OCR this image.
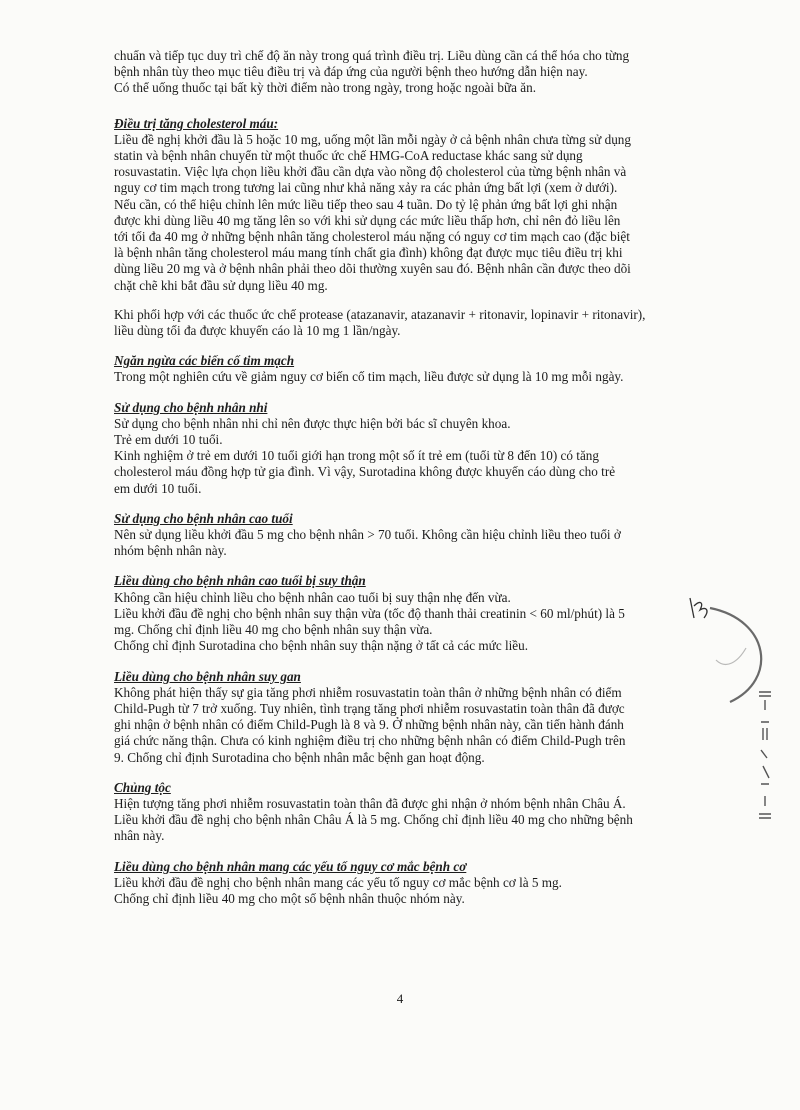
chuẩn và tiếp tục duy trì chế độ ăn này trong quá trình điều trị. Liều dùng cần cá thể hóa cho từng
bệnh nhân tùy theo mục tiêu điều trị và đáp ứng của người bệnh theo hướng dẫn hiện nay.
Có thể uống thuốc tại bất kỳ thời điểm nào trong ngày, trong hoặc ngoài bữa ăn.

Điều trị tăng cholesterol máu:

Liều đề nghị khởi đầu là 5 hoặc 10 mg, uống một lần mỗi ngày ở cả bệnh nhân chưa từng sử dụng
statin và bệnh nhân chuyển từ một thuốc ức chế HMG-CoA reductase khác sang sử dụng
rosuvastatin. Việc lựa chọn liều khởi đầu cần dựa vào nồng độ cholesterol của từng bệnh nhân và
nguy cơ tim mạch trong tương lai cũng như khả năng xảy ra các phản ứng bất lợi (xem ở dưới).
Nếu cần, có thể hiệu chỉnh lên mức liều tiếp theo sau 4 tuần. Do tỷ lệ phản ứng bất lợi ghi nhận
được khi dùng liều 40 mg tăng lên so với khi sử dụng các mức liều thấp hơn, chỉ nên đỏ liều lên
tới tối đa 40 mg ở những bệnh nhân tăng cholesterol máu nặng có nguy cơ tim mạch cao (đặc biệt
là bệnh nhân tăng cholesterol máu mang tính chất gia đình) không đạt được mục tiêu điều trị khi
dùng liều 20 mg và ở bệnh nhân phải theo dõi thường xuyên sau đó. Bệnh nhân cần được theo dõi
chặt chẽ khi bắt đầu sử dụng liều 40 mg.

Khi phối hợp với các thuốc ức chế protease (atazanavir, atazanavir + ritonavir, lopinavir + ritonavir),
liều dùng tối đa được khuyến cáo là 10 mg 1 lần/ngày.

Ngăn ngừa các biến cố tim mạch

Trong một nghiên cứu về giảm nguy cơ biến cố tim mạch, liều được sử dụng là 10 mg mỗi ngày.

Sử dụng cho bệnh nhân nhi

Sử dụng cho bệnh nhân nhi chỉ nên được thực hiện bởi bác sĩ chuyên khoa.
Trẻ em dưới 10 tuổi.
Kinh nghiệm ở trẻ em dưới 10 tuổi giới hạn trong một số ít trẻ em (tuổi từ 8 đến 10) có tăng
cholesterol máu đồng hợp tử gia đình. Vì vậy, Surotadina không được khuyến cáo dùng cho trẻ
em dưới 10 tuổi.

Sử dụng cho bệnh nhân cao tuổi

Nên sử dụng liều khởi đầu 5 mg cho bệnh nhân > 70 tuổi. Không cần hiệu chỉnh liều theo tuổi ở
nhóm bệnh nhân này.

Liều dùng cho bệnh nhân cao tuổi bị suy thận

Không cần hiệu chỉnh liều cho bệnh nhân cao tuổi bị suy thận nhẹ đến vừa.
Liều khởi đầu đề nghị cho bệnh nhân suy thận vừa (tốc độ thanh thải creatinin < 60 ml/phút) là 5
mg. Chống chỉ định liều 40 mg cho bệnh nhân suy thận vừa.
Chống chỉ định Surotadina cho bệnh nhân suy thận nặng ở tất cả các mức liều.

Liều dùng cho bệnh nhân suy gan

Không phát hiện thấy sự gia tăng phơi nhiễm rosuvastatin toàn thân ở những bệnh nhân có điểm
Child-Pugh từ 7 trở xuống. Tuy nhiên, tình trạng tăng phơi nhiễm rosuvastatin toàn thân đã được
ghi nhận ở bệnh nhân có điểm Child-Pugh là 8 và 9. Ở những bệnh nhân này, cần tiến hành đánh
giá chức năng thận. Chưa có kinh nghiệm điều trị cho những bệnh nhân có điểm Child-Pugh trên
9. Chống chỉ định Surotadina cho bệnh nhân mắc bệnh gan hoạt động.

Chủng tộc

Hiện tượng tăng phơi nhiễm rosuvastatin toàn thân đã được ghi nhận ở nhóm bệnh nhân Châu Á.
Liều khởi đầu đề nghị cho bệnh nhân Châu Á là 5 mg. Chống chỉ định liều 40 mg cho những bệnh
nhân này.

Liều dùng cho bệnh nhân mang các yếu tố nguy cơ mắc bệnh cơ

Liều khởi đầu đề nghị cho bệnh nhân mang các yếu tố nguy cơ mắc bệnh cơ là 5 mg.
Chống chỉ định liều 40 mg cho một số bệnh nhân thuộc nhóm này.

4
